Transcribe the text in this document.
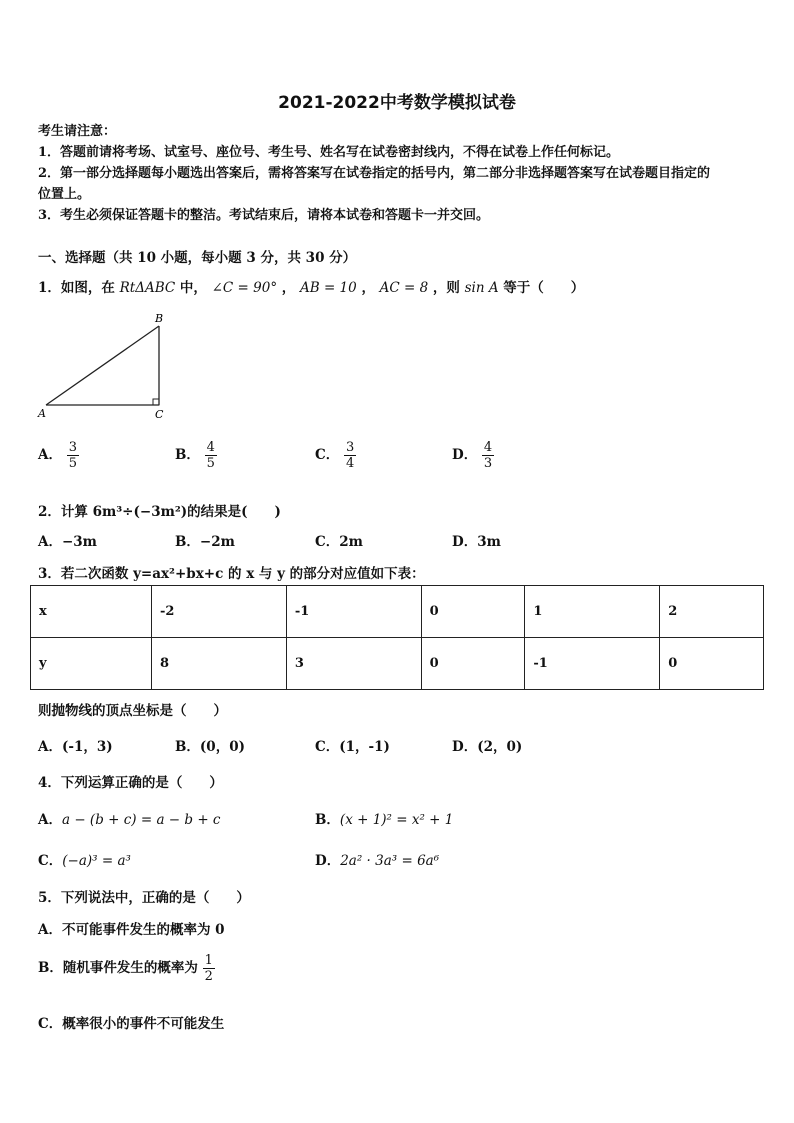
2021-2022中考数学模拟试卷
考生请注意：
1．答题前请将考场、试室号、座位号、考生号、姓名写在试卷密封线内，不得在试卷上作任何标记。
2．第一部分选择题每小题选出答案后，需将答案写在试卷指定的括号内，第二部分非选择题答案写在试卷题目指定的
位置上。
3．考生必须保证答题卡的整洁。考试结束后，请将本试卷和答题卡一并交回。
一、选择题（共 10 小题，每小题 3 分，共 30 分）
1．如图，在 RtΔABC 中， ∠C = 90° ， AB = 10 ， AC = 8 ，则 sin A 等于（　　）
A
B
C
A． $\frac{3}{5}$	B． $\frac{4}{5}$	C． $\frac{3}{4}$	D． $\frac{4}{3}$
2．计算 6m³÷(−3m²)的结果是(　　)
A．−3m	B．−2m	C．2m	D．3m
3．若二次函数 y=ax²+bx+c 的 x 与 y 的部分对应值如下表：
x	-2	-1	0	1	2
y	8	3	0	-1	0
则抛物线的顶点坐标是（　　）
A．(-1，3)	B．(0，0)	C．(1，-1)	D．(2，0)
4．下列运算正确的是（　　）
A．a − (b + c) = a − b + c	B．(x + 1)² = x² + 1
C．(−a)³ = a³	D．2a² · 3a³ = 6a⁶
5．下列说法中，正确的是（　　）
A．不可能事件发生的概率为 0
B．随机事件发生的概率为 $\frac{1}{2}$
C．概率很小的事件不可能发生
